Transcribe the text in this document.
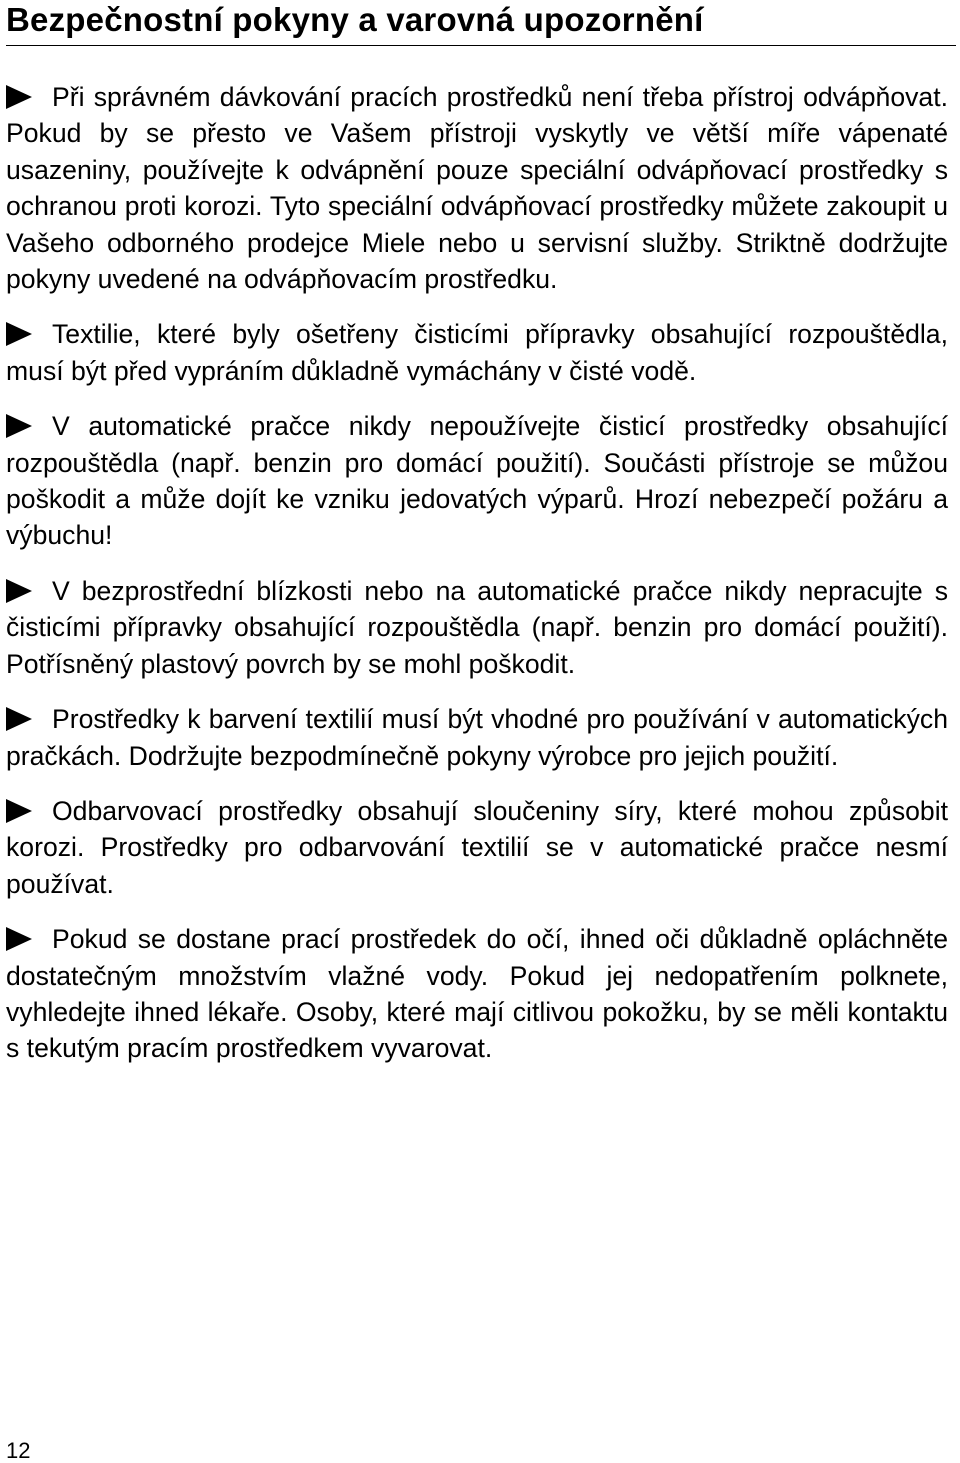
Bezpečnostní pokyny a varovná upozornění

Při správném dávkování pracích prostředků není třeba přístroj odvápňovat. Pokud by se přesto ve Vašem přístroji vyskytly ve větší míře vápenaté usazeniny, používejte k odvápnění pouze speciální odvápňovací prostředky s ochranou proti korozi. Tyto speciální odvápňovací prostředky můžete zakoupit u Vašeho odborného prodejce Miele nebo u servisní služby. Striktně dodržujte pokyny uvedené na odvápňovacím prostředku.

Textilie, které byly ošetřeny čisticími přípravky obsahující rozpouštědla, musí být před vypráním důkladně vymáchány v čisté vodě.

V automatické pračce nikdy nepoužívejte čisticí prostředky obsahující rozpouštědla (např. benzin pro domácí použití). Součásti přístroje se můžou poškodit a může dojít ke vzniku jedovatých výparů. Hrozí nebezpečí požáru a výbuchu!

V bezprostřední blízkosti nebo na automatické pračce nikdy nepracujte s čisticími přípravky obsahující rozpouštědla (např. benzin pro domácí použití). Potřísněný plastový povrch by se mohl poškodit.

Prostředky k barvení textilií musí být vhodné pro používání v automatických pračkách. Dodržujte bezpodmínečně pokyny výrobce pro jejich použití.

Odbarvovací prostředky obsahují sloučeniny síry, které mohou způsobit korozi. Prostředky pro odbarvování textilií se v automatické pračce nesmí používat.

Pokud se dostane prací prostředek do očí, ihned oči důkladně opláchněte dostatečným množstvím vlažné vody. Pokud jej nedopatřením polknete, vyhledejte ihned lékaře. Osoby, které mají citlivou pokožku, by se měli kontaktu s tekutým pracím prostředkem vyvarovat.

12
